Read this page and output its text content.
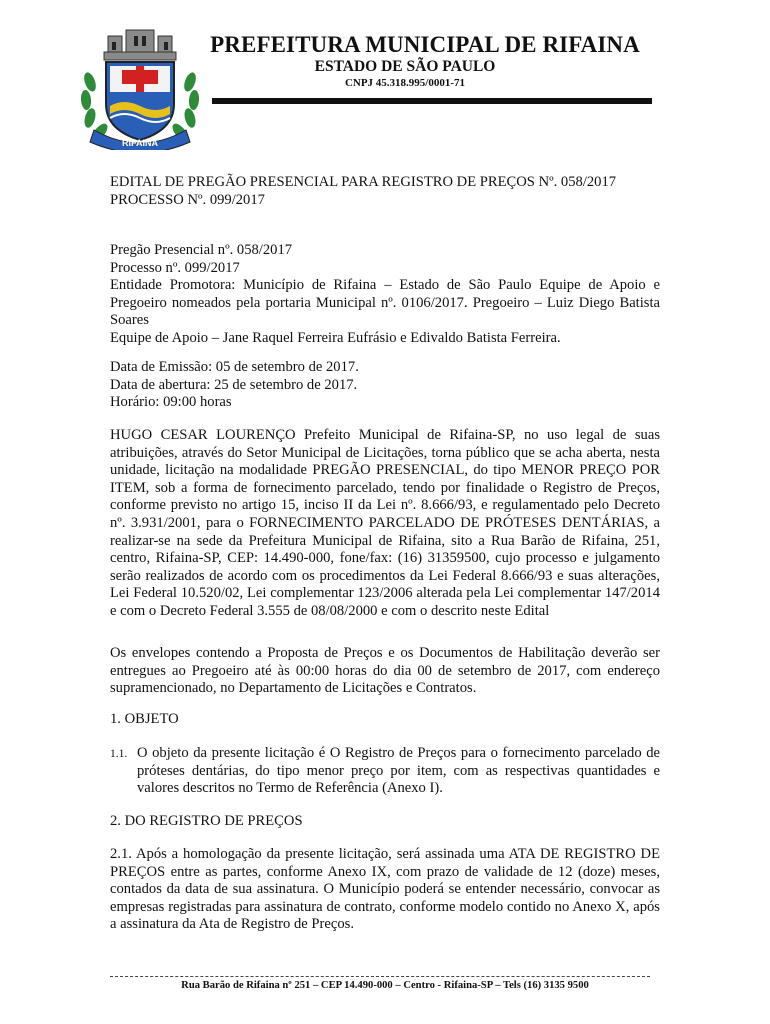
RIFAINA
PREFEITURA MUNICIPAL DE RIFAINA
ESTADO DE SÃO PAULO
CNPJ 45.318.995/0001-71

EDITAL DE PREGÃO PRESENCIAL PARA REGISTRO DE PREÇOS Nº. 058/2017

PROCESSO Nº. 099/2017

Pregão Presencial nº. 058/2017

Processo nº. 099/2017

Entidade Promotora: Município de Rifaina – Estado de São Paulo Equipe de Apoio e Pregoeiro nomeados pela portaria Municipal nº. 0106/2017. Pregoeiro – Luiz Diego Batista Soares

Equipe de Apoio – Jane Raquel Ferreira Eufrásio e Edivaldo Batista Ferreira.

Data de Emissão: 05 de setembro de 2017.

Data de abertura: 25 de setembro de 2017.

Horário: 09:00 horas

HUGO CESAR LOURENÇO Prefeito Municipal de Rifaina-SP, no uso legal de suas atribuições, através do Setor Municipal de Licitações, torna público que se acha aberta, nesta unidade, licitação na modalidade PREGÃO PRESENCIAL, do tipo MENOR PREÇO POR ITEM, sob a forma de fornecimento parcelado, tendo por finalidade o Registro de Preços, conforme previsto no artigo 15, inciso II da Lei nº. 8.666/93, e regulamentado pelo Decreto nº. 3.931/2001, para o FORNECIMENTO PARCELADO DE PRÓTESES DENTÁRIAS, a realizar-se na sede da Prefeitura Municipal de Rifaina, sito a Rua Barão de Rifaina, 251, centro, Rifaina-SP, CEP: 14.490-000, fone/fax: (16) 31359500, cujo processo e julgamento serão realizados de acordo com os procedimentos da Lei Federal 8.666/93 e suas alterações, Lei Federal 10.520/02, Lei complementar 123/2006 alterada pela Lei complementar 147/2014 e com o Decreto Federal 3.555 de 08/08/2000 e com o descrito neste Edital

Os envelopes contendo a Proposta de Preços e os Documentos de Habilitação deverão ser entregues ao Pregoeiro até às 00:00 horas do dia 00 de setembro de 2017, com endereço supramencionado, no Departamento de Licitações e Contratos.

1. OBJETO

1.1. O objeto da presente licitação é O Registro de Preços para o fornecimento parcelado de próteses dentárias, do tipo menor preço por item, com as respectivas quantidades e valores descritos no Termo de Referência (Anexo I).

2. DO REGISTRO DE PREÇOS

2.1. Após a homologação da presente licitação, será assinada uma ATA DE REGISTRO DE PREÇOS entre as partes, conforme Anexo IX, com prazo de validade de 12 (doze) meses, contados da data de sua assinatura. O Município poderá se entender necessário, convocar as empresas registradas para assinatura de contrato, conforme modelo contido no Anexo X, após a assinatura da Ata de Registro de Preços.

Rua Barão de Rifaina nº 251 – CEP 14.490-000 – Centro - Rifaina-SP – Tels (16) 3135 9500
